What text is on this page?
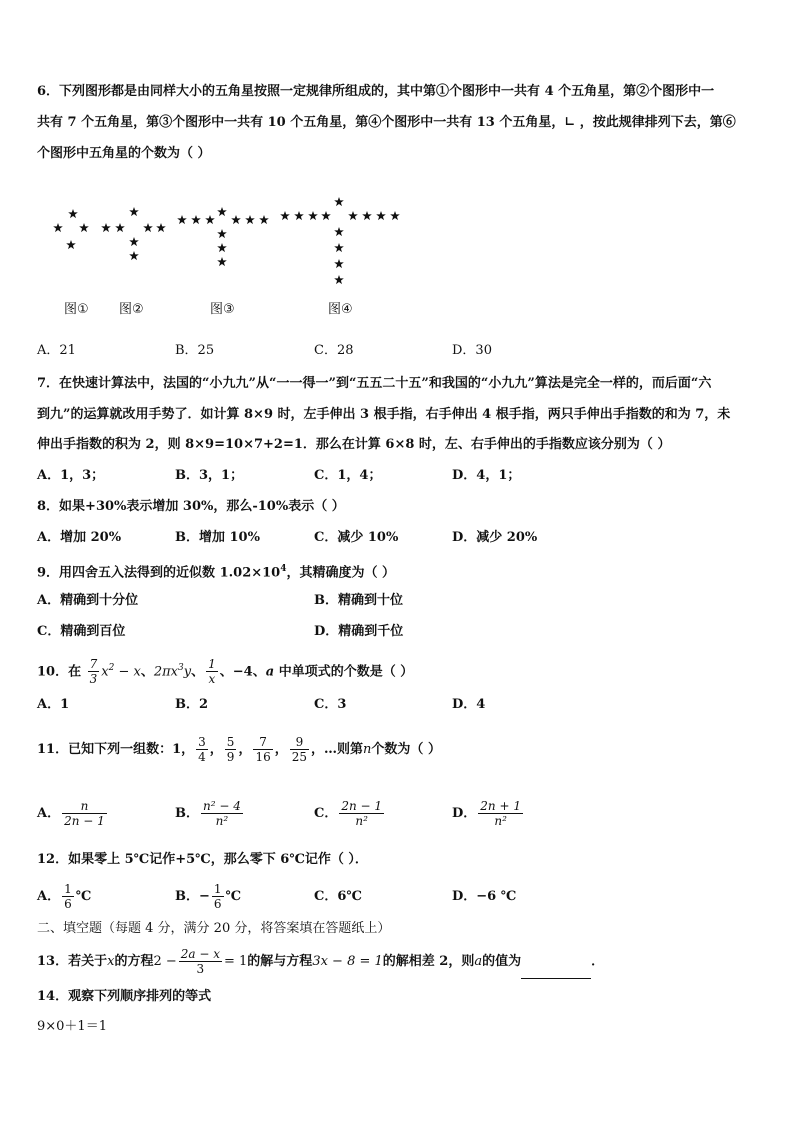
6．下列图形都是由同样大小的五角星按照一定规律所组成的，其中第①个图形中一共有 4 个五角星，第②个图形中一
共有 7 个五角星，第③个图形中一共有 10 个五角星，第④个图形中一共有 13 个五角星，∟ ，按此规律排列下去，第⑥
个图形中五角星的个数为（ ）
图① 图②	图③	图④
A．21	B．25	C．28	D．30
7．在快速计算法中，法国的“小九九”从“一一得一”到“五五二十五”和我国的“小九九”算法是完全一样的，而后面“六
到九”的运算就改用手势了．如计算 8×9 时，左手伸出 3 根手指，右手伸出 4 根手指，两只手伸出手指数的和为 7，未
伸出手指数的积为 2，则 8×9=10×7+2=1．那么在计算 6×8 时，左、右手伸出的手指数应该分别为（ ）
A．1，3；	B．3，1；	C．1，4；	D．4，1；
8．如果+30%表示增加 30%，那么-10%表示（ ）
A．增加 20%	B．增加 10%	C．减少 10%	D．减少 20%
9．用四舍五入法得到的近似数 $1.02\times 10^4$，其精确度为（ ）
A．精确到十分位	B．精确到十位
C．精确到百位	D．精确到千位
10．在 $\frac{7}{3} x^2 - x$、$2\pi x^3y$、 $\frac{1}{x}$ 、−4、a 中单项式的个数是（ ）
A．1	B．2	C．3	D．4
11．已知下列一组数：1， $\frac{3}{4}$ ， $\frac{5}{9}$ ， $\frac{7}{16}$ ， $\frac{9}{25}$ ，…则第n个数为（ ）
A． $\frac{n}{2n - 1}$	B． $\frac{\text{n² − 4}}{\text{n²}}$	C． $\frac{2n - 1}{\text{n²}}$	D． $\frac{2n + 1}{\text{n²}}$
12．如果零上 5℃记作+5℃，那么零下 6℃记作（ ）．
A． $\frac{1}{6}$ ℃	B．− $\frac{1}{6}$ ℃	C．6℃	D．−6 ℃
二、填空题（每题 4 分，满分 20 分，将答案填在答题纸上）
13．若关于x的方程$2 - \frac{2a - x}{3} = 1$的解与方程3x − 8 = 1的解相差 2，则a的值为	．
14．观察下列顺序排列的等式
9×0＋1＝1
